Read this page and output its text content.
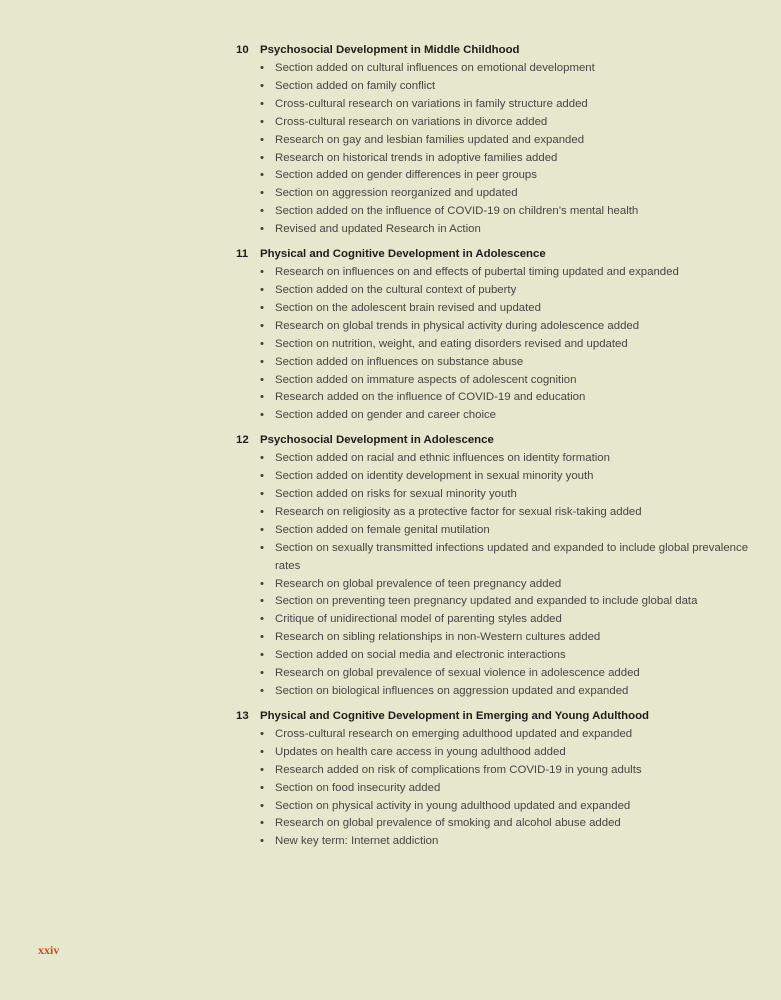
10 Psychosocial Development in Middle Childhood
• Section added on cultural influences on emotional development
• Section added on family conflict
• Cross-cultural research on variations in family structure added
• Cross-cultural research on variations in divorce added
• Research on gay and lesbian families updated and expanded
• Research on historical trends in adoptive families added
• Section added on gender differences in peer groups
• Section on aggression reorganized and updated
• Section added on the influence of COVID-19 on children’s mental health
• Revised and updated Research in Action
11	Physical and Cognitive Development in Adolescence
• Research on influences on and effects of pubertal timing updated and expanded
• Section added on the cultural context of puberty
• Section on the adolescent brain revised and updated
• Research on global trends in physical activity during adolescence added
• Section on nutrition, weight, and eating disorders revised and updated
• Section added on influences on substance abuse
• Section added on immature aspects of adolescent cognition
• Research added on the influence of COVID-19 and education
• Section added on gender and career choice
12 Psychosocial Development in Adolescence
• Section added on racial and ethnic influences on identity formation
• Section added on identity development in sexual minority youth
• Section added on risks for sexual minority youth
• Research on religiosity as a protective factor for sexual risk-taking added
• Section added on female genital mutilation
• Section on sexually transmitted infections updated and expanded to include global prevalence rates
• Research on global prevalence of teen pregnancy added
• Section on preventing teen pregnancy updated and expanded to include global data
• Critique of unidirectional model of parenting styles added
• Research on sibling relationships in non-Western cultures added
• Section added on social media and electronic interactions
• Research on global prevalence of sexual violence in adolescence added
• Section on biological influences on aggression updated and expanded
13 Physical and Cognitive Development in Emerging and Young Adulthood
• Cross-cultural research on emerging adulthood updated and expanded
• Updates on health care access in young adulthood added
• Research added on risk of complications from COVID-19 in young adults
• Section on food insecurity added
• Section on physical activity in young adulthood updated and expanded
• Research on global prevalence of smoking and alcohol abuse added
• New key term: Internet addiction
xxiv
